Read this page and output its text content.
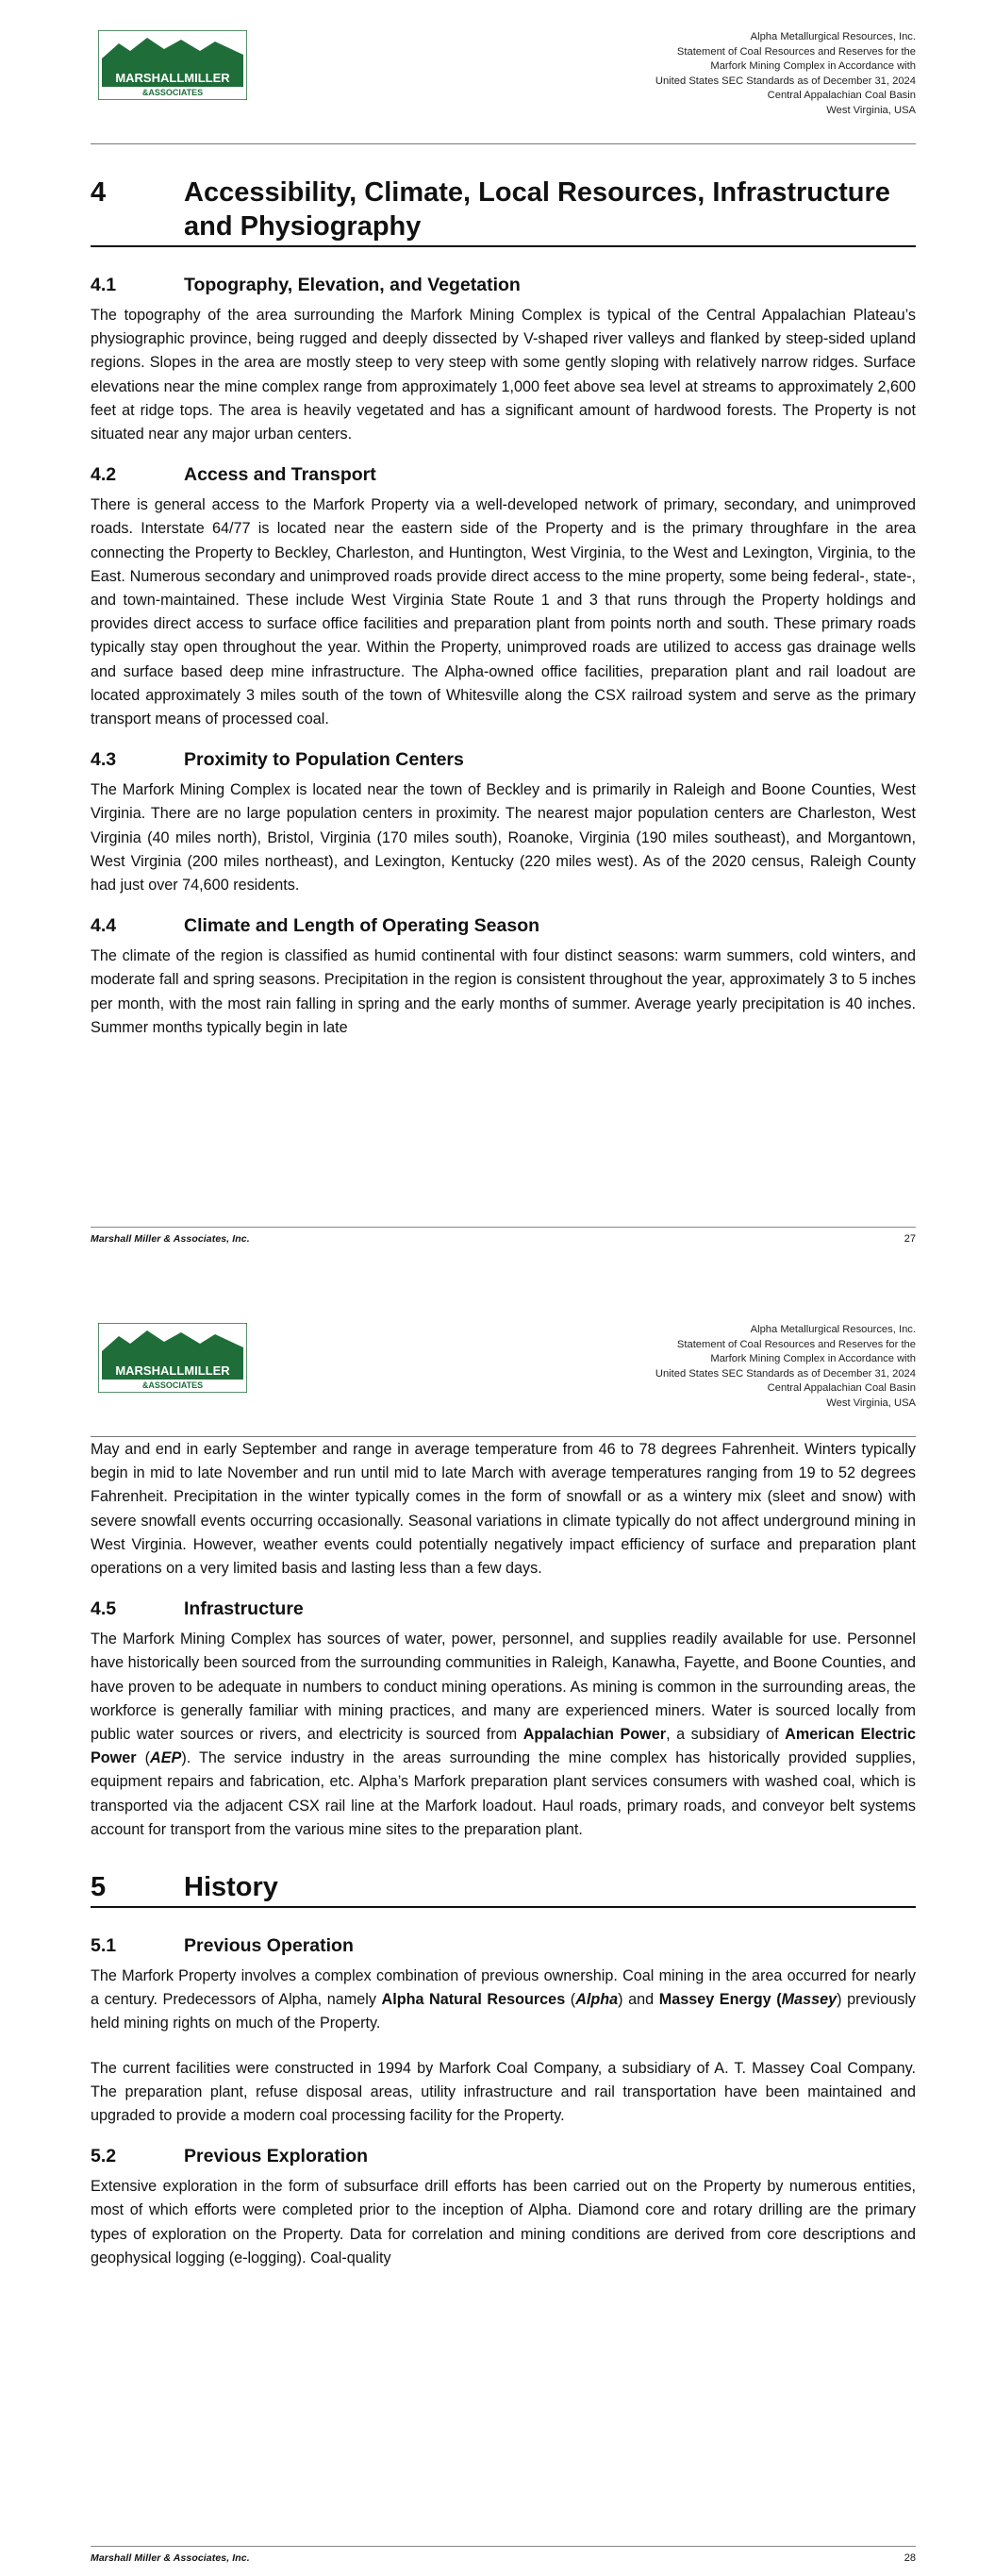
MARSHALLMILLER
&ASSOCIATES
Alpha Metallurgical Resources, Inc.
Statement of Coal Resources and Reserves for the
Marfork Mining Complex in Accordance with
United States SEC Standards as of December 31, 2024
Central Appalachian Coal Basin
West Virginia, USA
4	Accessibility, Climate, Local Resources, Infrastructure and Physiography
4.1	Topography, Elevation, and Vegetation

The topography of the area surrounding the Marfork Mining Complex is typical of the Central Appalachian Plateau’s physiographic province, being rugged and deeply dissected by V-shaped river valleys and flanked by steep-sided upland regions. Slopes in the area are mostly steep to very steep with some gently sloping with relatively narrow ridges. Surface elevations near the mine complex range from approximately 1,000 feet above sea level at streams to approximately 2,600 feet at ridge tops. The area is heavily vegetated and has a significant amount of hardwood forests. The Property is not situated near any major urban centers.

4.2	Access and Transport

There is general access to the Marfork Property via a well-developed network of primary, secondary, and unimproved roads. Interstate 64/77 is located near the eastern side of the Property and is the primary throughfare in the area connecting the Property to Beckley, Charleston, and Huntington, West Virginia, to the West and Lexington, Virginia, to the East. Numerous secondary and unimproved roads provide direct access to the mine property, some being federal-, state-, and town-maintained. These include West Virginia State Route 1 and 3 that runs through the Property holdings and provides direct access to surface office facilities and preparation plant from points north and south. These primary roads typically stay open throughout the year. Within the Property, unimproved roads are utilized to access gas drainage wells and surface based deep mine infrastructure. The Alpha-owned office facilities, preparation plant and rail loadout are located approximately 3 miles south of the town of Whitesville along the CSX railroad system and serve as the primary transport means of processed coal.

4.3	Proximity to Population Centers

The Marfork Mining Complex is located near the town of Beckley and is primarily in Raleigh and Boone Counties, West Virginia. There are no large population centers in proximity. The nearest major population centers are Charleston, West Virginia (40 miles north), Bristol, Virginia (170 miles south), Roanoke, Virginia (190 miles southeast), and Morgantown, West Virginia (200 miles northeast), and Lexington, Kentucky (220 miles west). As of the 2020 census, Raleigh County had just over 74,600 residents.

4.4	Climate and Length of Operating Season

The climate of the region is classified as humid continental with four distinct seasons: warm summers, cold winters, and moderate fall and spring seasons. Precipitation in the region is consistent throughout the year, approximately 3 to 5 inches per month, with the most rain falling in spring and the early months of summer. Average yearly precipitation is 40 inches. Summer months typically begin in late

Marshall Miller & Associates, Inc.	27
MARSHALLMILLER
&ASSOCIATES
Alpha Metallurgical Resources, Inc.
Statement of Coal Resources and Reserves for the
Marfork Mining Complex in Accordance with
United States SEC Standards as of December 31, 2024
Central Appalachian Coal Basin
West Virginia, USA

May and end in early September and range in average temperature from 46 to 78 degrees Fahrenheit. Winters typically begin in mid to late November and run until mid to late March with average temperatures ranging from 19 to 52 degrees Fahrenheit. Precipitation in the winter typically comes in the form of snowfall or as a wintery mix (sleet and snow) with severe snowfall events occurring occasionally. Seasonal variations in climate typically do not affect underground mining in West Virginia. However, weather events could potentially negatively impact efficiency of surface and preparation plant operations on a very limited basis and lasting less than a few days.

4.5	Infrastructure

The Marfork Mining Complex has sources of water, power, personnel, and supplies readily available for use. Personnel have historically been sourced from the surrounding communities in Raleigh, Kanawha, Fayette, and Boone Counties, and have proven to be adequate in numbers to conduct mining operations. As mining is common in the surrounding areas, the workforce is generally familiar with mining practices, and many are experienced miners. Water is sourced locally from public water sources or rivers, and electricity is sourced from Appalachian Power, a subsidiary of American Electric Power (AEP). The service industry in the areas surrounding the mine complex has historically provided supplies, equipment repairs and fabrication, etc. Alpha’s Marfork preparation plant services consumers with washed coal, which is transported via the adjacent CSX rail line at the Marfork loadout. Haul roads, primary roads, and conveyor belt systems account for transport from the various mine sites to the preparation plant.

5	History
5.1	Previous Operation

The Marfork Property involves a complex combination of previous ownership. Coal mining in the area occurred for nearly a century. Predecessors of Alpha, namely Alpha Natural Resources (Alpha) and Massey Energy (Massey) previously held mining rights on much of the Property.

The current facilities were constructed in 1994 by Marfork Coal Company, a subsidiary of A. T. Massey Coal Company. The preparation plant, refuse disposal areas, utility infrastructure and rail transportation have been maintained and upgraded to provide a modern coal processing facility for the Property.

5.2	Previous Exploration

Extensive exploration in the form of subsurface drill efforts has been carried out on the Property by numerous entities, most of which efforts were completed prior to the inception of Alpha. Diamond core and rotary drilling are the primary types of exploration on the Property. Data for correlation and mining conditions are derived from core descriptions and geophysical logging (e-logging). Coal-quality

Marshall Miller & Associates, Inc.	28
